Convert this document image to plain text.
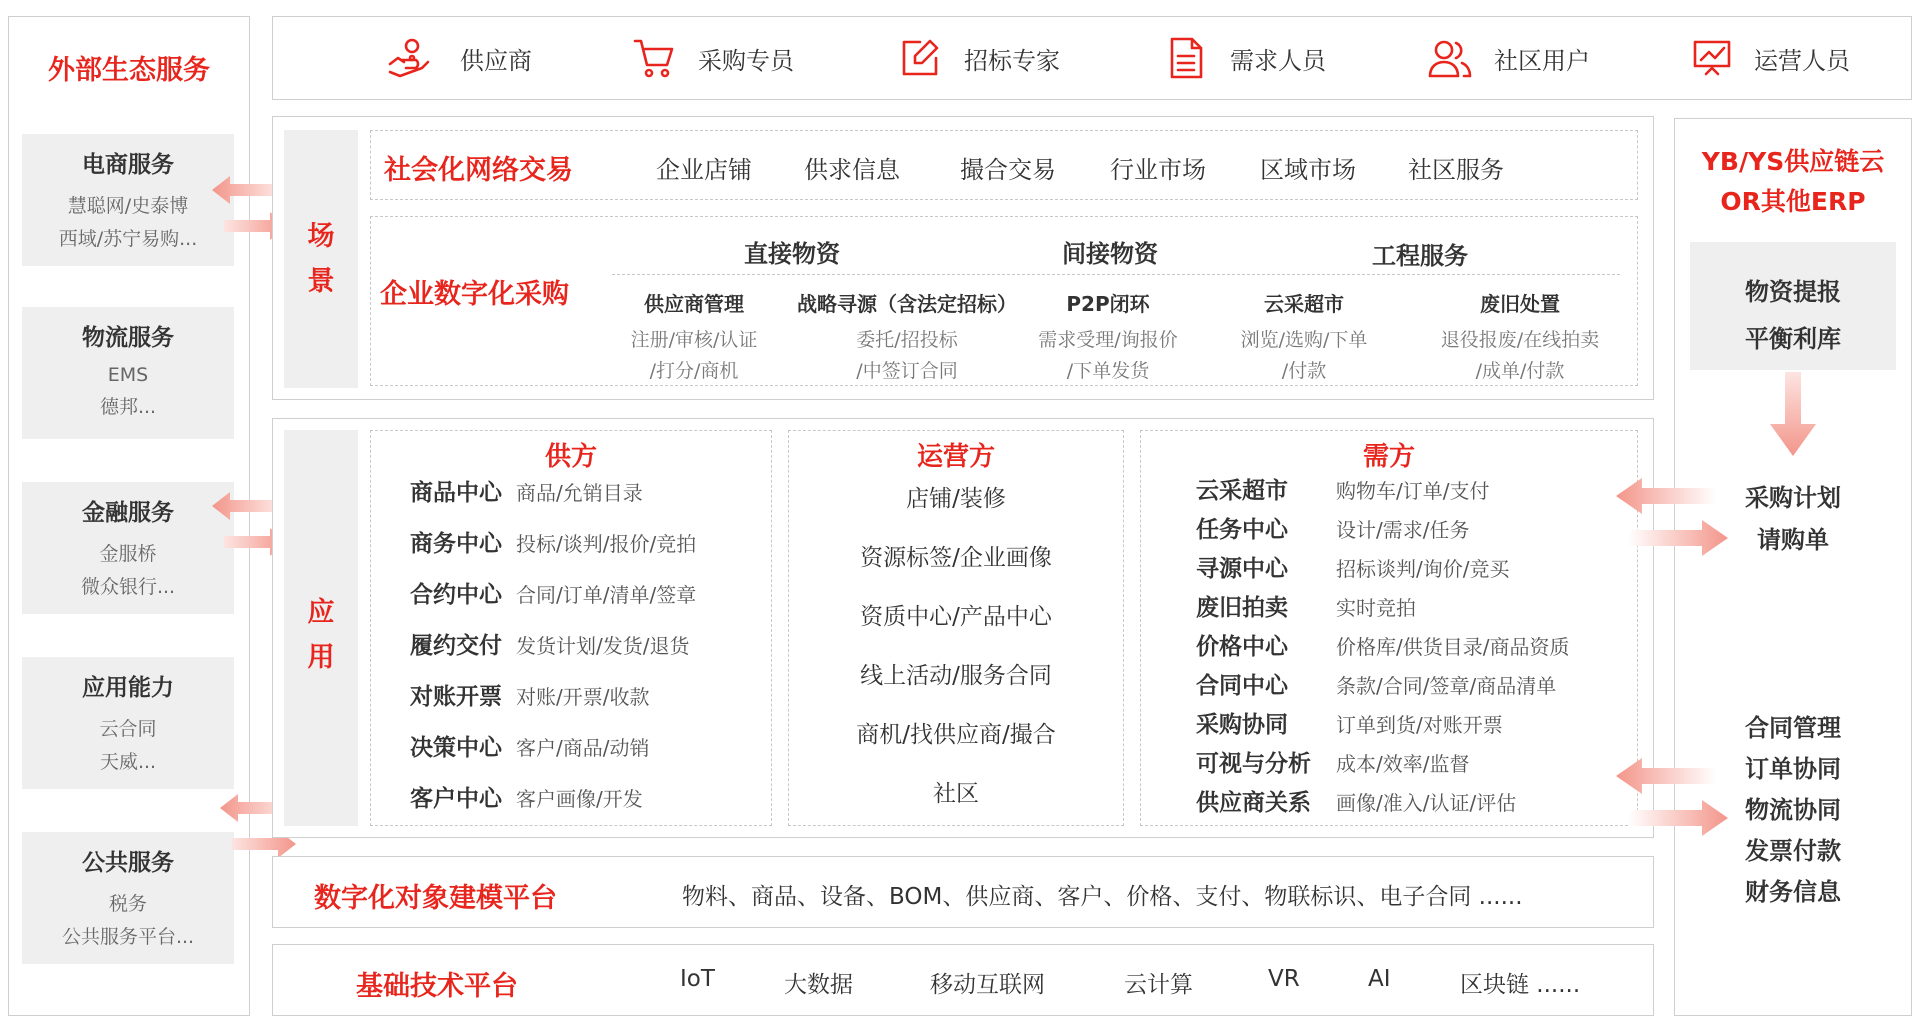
外部生态服务
电商服务
慧聪网/史泰博
西域/苏宁易购...
物流服务
EMS
德邦...
金融服务
金服桥
微众银行...
应用能力
云合同
天威...
公共服务
税务
公共服务平台...
供应商	采购专员	招标专家	需求人员	社区用户	运营人员
场
景
社会化网络交易	企业店铺 供求信息	撮合交易 行业市场 区域市场 社区服务
企业数字化采购
直接物资	间接物资	工程服务
供应商管理
注册/审核/认证
/打分/商机
战略寻源（含法定招标）
委托/招投标
/中签订合同
P2P闭环
需求受理/询报价
/下单发货
云采超市
浏览/选购/下单
/付款
废旧处置
退役报废/在线拍卖
/成单/付款
应
用
供方
商品中心 商品/允销目录
商务中心 投标/谈判/报价/竞拍
合约中心 合同/订单/清单/签章
履约交付 发货计划/发货/退货
对账开票 对账/开票/收款
决策中心 客户/商品/动销
客户中心 客户画像/开发
运营方
店铺/装修
资源标签/企业画像
资质中心/产品中心
线上活动/服务合同
商机/找供应商/撮合
社区
需方
云采超市 购物车/订单/支付
任务中心 设计/需求/任务
寻源中心 招标谈判/询价/竞买
废旧拍卖 实时竞拍
价格中心 价格库/供货目录/商品资质
合同中心 条款/合同/签章/商品清单
采购协同 订单到货/对账开票
可视与分析 成本/效率/监督
供应商关系 画像/准入/认证/评估
数字化对象建模平台	物料、商品、设备、BOM、供应商、客户、价格、支付、物联标识、电子合同 ......
基础技术平台	IoT	大数据	移动互联网	云计算	VR	AI	区块链 ......
YB/YS供应链云
OR其他ERP
物资提报
平衡利库
采购计划
请购单
合同管理
订单协同
物流协同
发票付款
财务信息
